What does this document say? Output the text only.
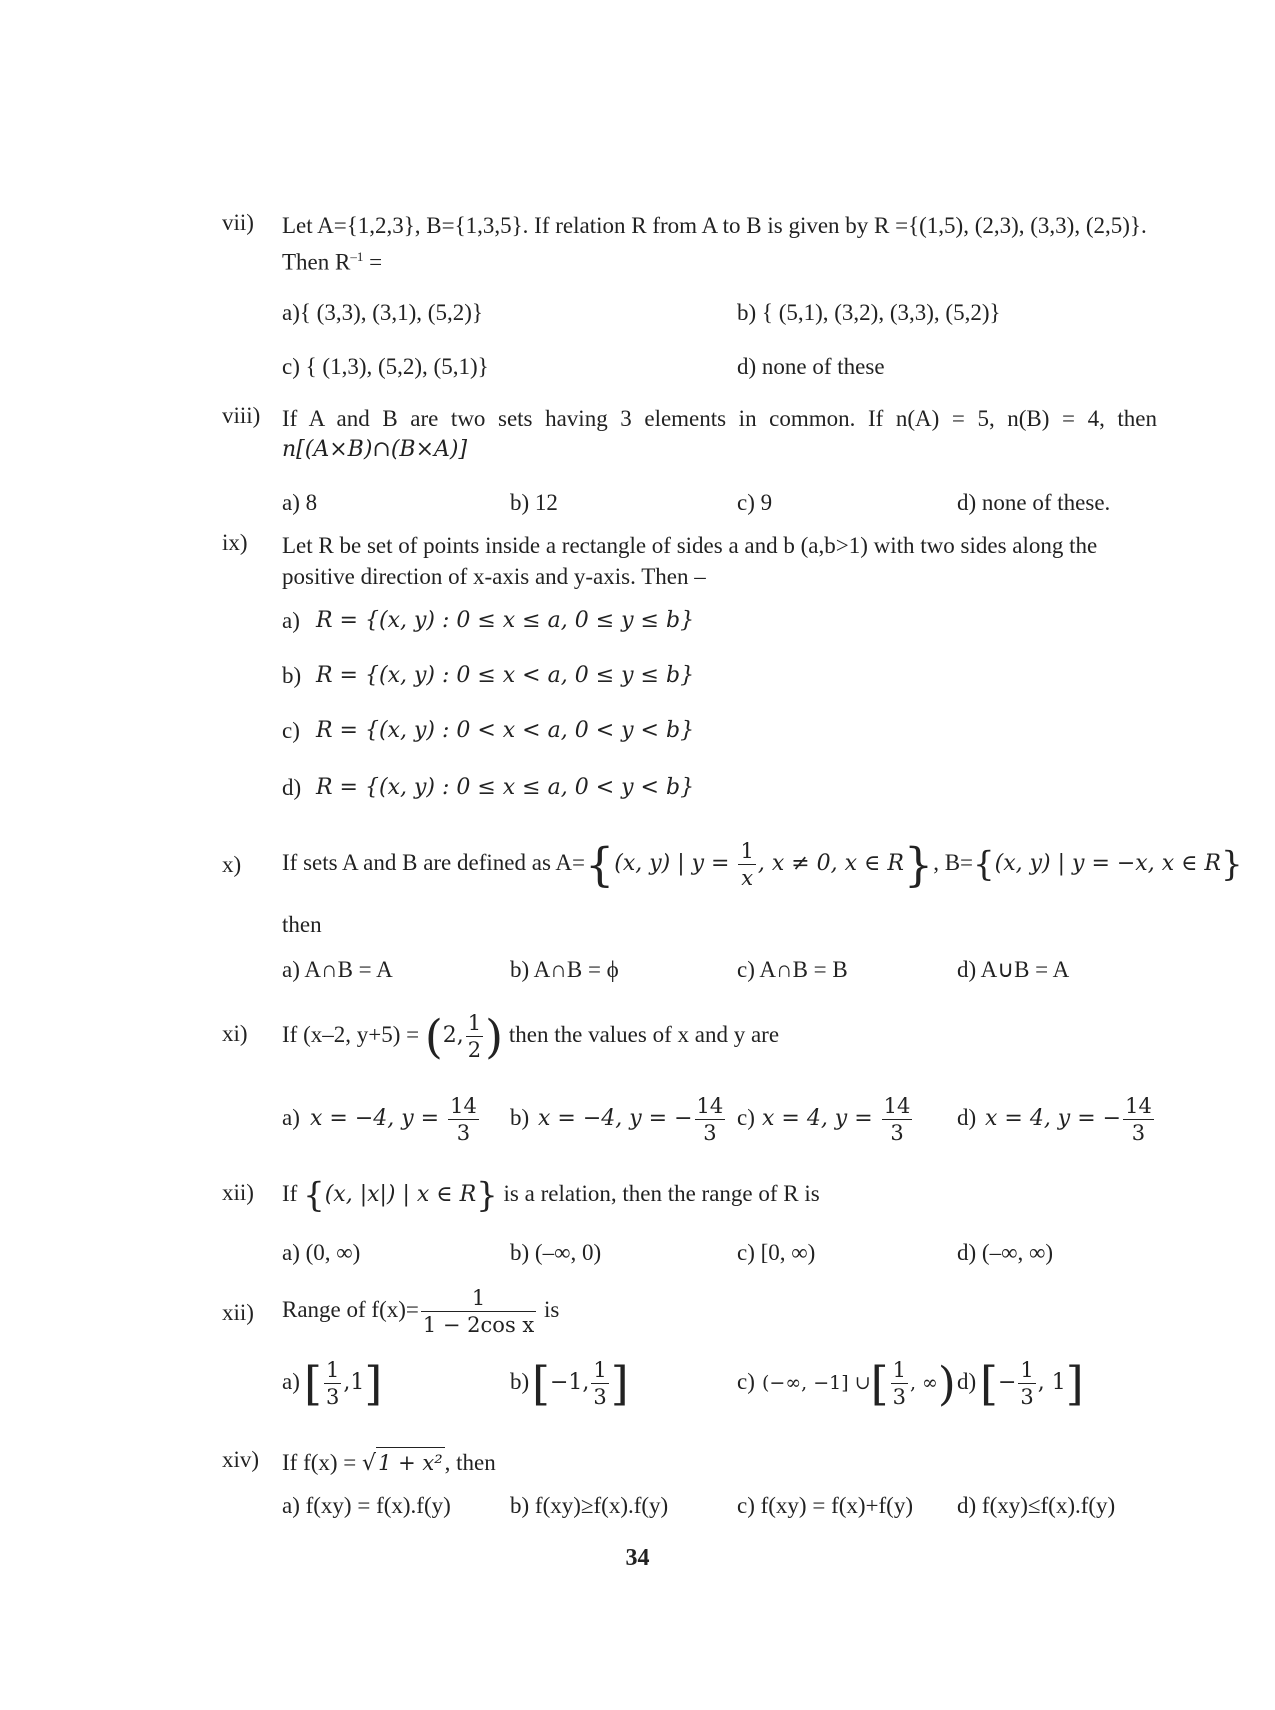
vii)	Let A={1,2,3}, B={1,3,5}. If relation R from A to B is given by R ={(1,5), (2,3), (3,3), (2,5)}. Then $R^{-1}$ =
a){ (3,3), (3,1), (5,2)}	b) { (5,1), (3,2), (3,3), (5,2)}
c) { (1,3), (5,2), (5,1)}	d) none of these
viii) If A and B are two sets having 3 elements in common. If n(A) = 5, n(B) = 4, then
n[(A×B)∩(B×A)]
a) 8	b) 12	c) 9	d) none of these.
ix)	Let R be set of points inside a rectangle of sides a and b (a,b>1) with two sides along the positive direction of x-axis and y-axis. Then –
a) R = {(x, y) : 0 ≤ x ≤ a, 0 ≤ y ≤ b}
b) R = {(x, y) : 0 ≤ x < a, 0 ≤ y ≤ b}
c) R = {(x, y) : 0 < x < a, 0 < y < b}
d) R = {(x, y) : 0 ≤ x ≤ a, 0 < y < b}
x)	If sets A and B are defined as A={(x, y) | $y = \frac{1}{x}$ , x ≠ 0, x ∈ R}, B={(x, y) | y = −x, x ∈ R}
then
a) A∩B = A	b) A∩B = ϕ	c) A∩B = B	d) A∪B = A
xi)	If (x–2, y+5) = (2, $\frac{1}{2}$ ) then the values of x and y are
a) x = −4, $y = \frac{14}{3} b$) x = −4, y = − $\frac{14}{3} c$) x = 4, $y = \frac{14}{3} d$) x = 4, y = − $\frac{14}{3}$
xii)	If {(x, |x|) | x ∈ R} is a relation, then the range of R is
a) (0, ∞)	b) (–∞, 0)	c) [0, ∞)	d) (–∞, ∞)
xii)	Range of $f(x)= \frac{1}{\text{1 − 2cos x}}$ is
a) [ $\frac{1}{3} ,1$]	b) [−1, $\frac{1}{3}$ ]	c) (−∞, −1] ∪[ $\frac{1}{3}$ , ∞) d) [− $\frac{1}{3}$ , 1]
xiv) If f(x) = √1 + x², then
a) f(xy) = f(x).f(y)	b) f(xy)≥f(x).f(y)	c) f(xy) = f(x)+f(y) d) f(xy)≤f(x).f(y)
34
